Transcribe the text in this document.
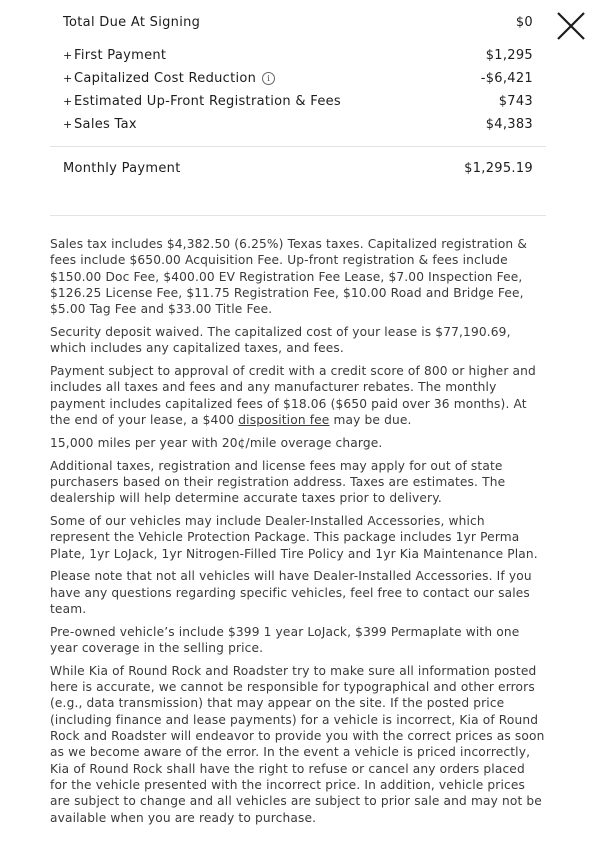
Total Due At Signing	$0
+ First Payment	$1,295
+ Capitalized Cost Reduction	i	-$6,421
+ Estimated Up-Front Registration & Fees	$743
+ Sales Tax	$4,383
Monthly Payment	$1,295.19

Sales tax includes $4,382.50 (6.25%) Texas taxes. Capitalized registration & fees include $650.00 Acquisition Fee. Up-front registration & fees include $150.00 Doc Fee, $400.00 EV Registration Fee Lease, $7.00 Inspection Fee, $126.25 License Fee, $11.75 Registration Fee, $10.00 Road and Bridge Fee, $5.00 Tag Fee and $33.00 Title Fee.

Security deposit waived. The capitalized cost of your lease is $77,190.69, which includes any capitalized taxes, and fees.

Payment subject to approval of credit with a credit score of 800 or higher and includes all taxes and fees and any manufacturer rebates. The monthly payment includes capitalized fees of $18.06 ($650 paid over 36 months). At the end of your lease, a $400 disposition fee may be due.

15,000 miles per year with 20¢/mile overage charge.

Additional taxes, registration and license fees may apply for out of state purchasers based on their registration address. Taxes are estimates. The dealership will help determine accurate taxes prior to delivery.

Some of our vehicles may include Dealer-Installed Accessories, which represent the Vehicle Protection Package. This package includes 1yr Perma Plate, 1yr LoJack, 1yr Nitrogen-Filled Tire Policy and 1yr Kia Maintenance Plan.

Please note that not all vehicles will have Dealer-Installed Accessories. If you have any questions regarding specific vehicles, feel free to contact our sales team.

Pre-owned vehicle’s include $399 1 year LoJack, $399 Permaplate with one year coverage in the selling price.

While Kia of Round Rock and Roadster try to make sure all information posted here is accurate, we cannot be responsible for typographical and other errors (e.g., data transmission) that may appear on the site. If the posted price (including finance and lease payments) for a vehicle is incorrect, Kia of Round Rock and Roadster will endeavor to provide you with the correct prices as soon as we become aware of the error. In the event a vehicle is priced incorrectly, Kia of Round Rock shall have the right to refuse or cancel any orders placed for the vehicle presented with the incorrect price. In addition, vehicle prices are subject to change and all vehicles are subject to prior sale and may not be available when you are ready to purchase.
